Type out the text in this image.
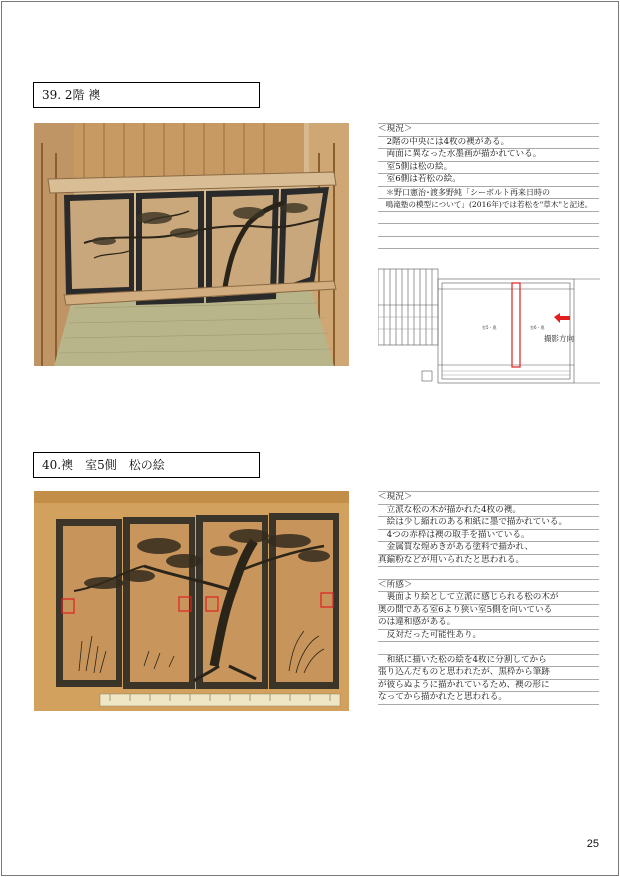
39. 2階 襖
＜現況＞
　2階の中央には4枚の襖がある。
　両面に異なった水墨画が描かれている。
　室5側は松の絵。
　室6側は若松の絵。
　＊野口憲治･渡多野純「シーボルト再来日時の
　鳴滝塾の模型について」(2016年)では若松を"草木"と記述。
室5・奥	室6・奥
撮影方向
40.襖　室5側　松の絵
＜現況＞
　立派な松の木が描かれた4枚の襖。
　絵は少し縮れのある和紙に墨で描かれている。
　4つの赤枠は襖の取手を描いている。
　金属質な煌めきがある塗料で描かれ、
真鍮粉などが用いられたと思われる。
＜所感＞
　裏面より絵として立派に感じられる松の木が
奥の間である室6より狭い室5側を向いている
のは違和感がある。
　反対だった可能性あり。
　和紙に描いた松の絵を4枚に分割してから
張り込んだものと思われたが、黒枠から筆跡
が彼らぬように描かれているため、襖の形に
なってから描かれたと思われる。
25
